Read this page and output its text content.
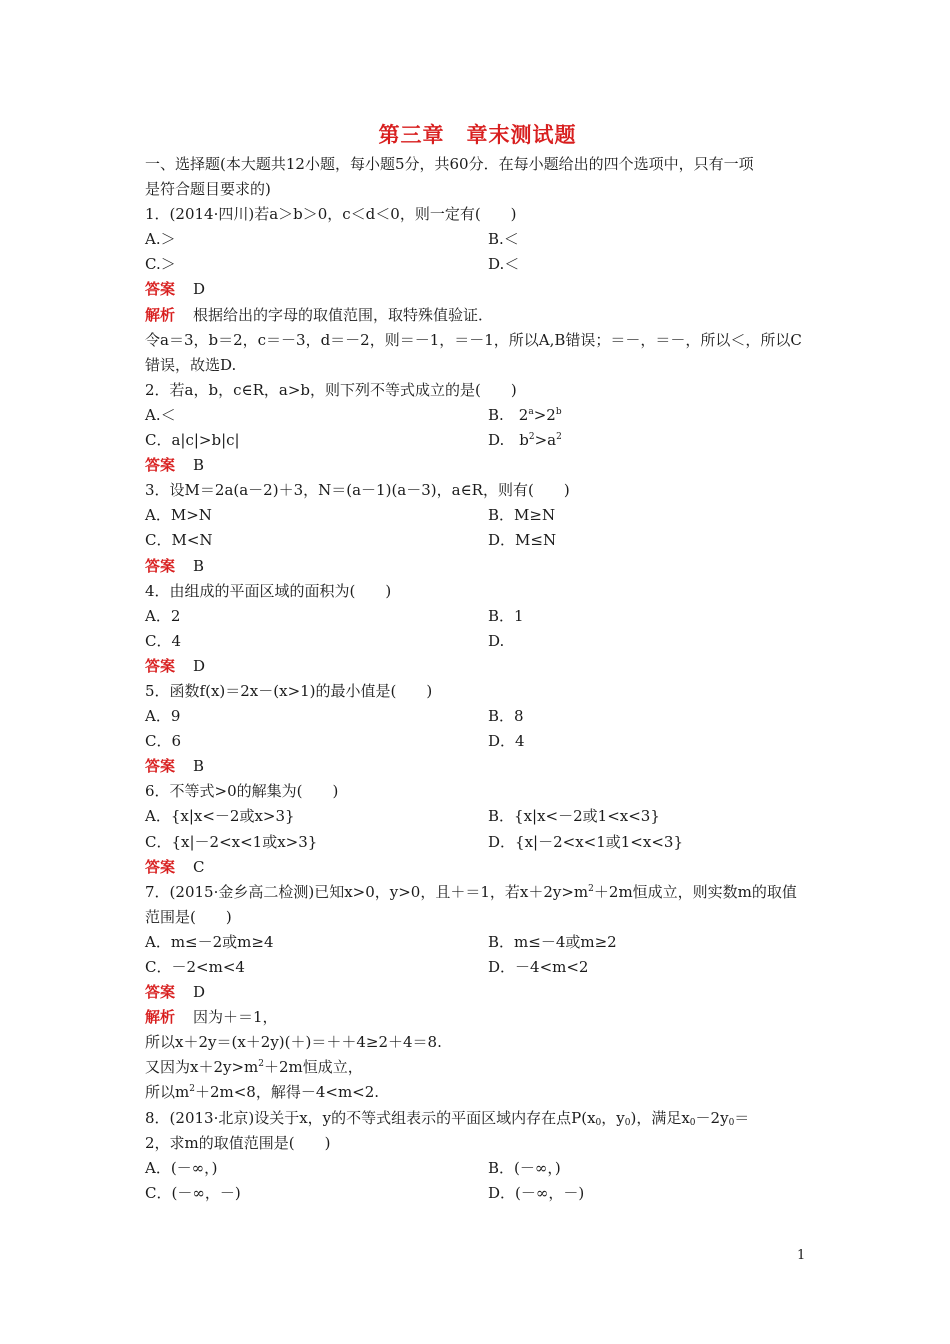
第三章　章末测试题
一、选择题(本大题共12小题，每小题5分，共60分．在每小题给出的四个选项中，只有一项
是符合题目要求的)
1．(2014·四川)若a＞b＞0，c＜d＜0，则一定有(　　)
A.＞	B.＜
C.＞	D.＜
答案 D
解析 根据给出的字母的取值范围，取特殊值验证．
令a＝3，b＝2，c＝－3，d＝－2，则＝－1，＝－1，所以A,B错误；＝－，＝－，所以＜，所以C
错误，故选D.
2．若a，b，c∈R，a>b，则下列不等式成立的是(　　)
A.＜	B.　$2^a>2^b$
C．a|c|>b|c|	D.　$b^2>a^2$
答案 B
3．设M＝2a(a－2)＋3，N＝(a－1)(a－3)，a∈R，则有(　　)
A．M>N	B．M≥N
C．M<N	D．M≤N
答案 B
4．由组成的平面区域的面积为(　　)
A．2	B．1
C．4	D.
答案 D
5．函数f(x)＝2x－(x>1)的最小值是(　　)
A．9	B．8
C．6	D．4
答案 B
6．不等式>0的解集为(　　)
A．{x|x<－2或x>3}	B．{x|x<－2或1<x<3}
C．{x|－2<x<1或x>3}	D．{x|－2<x<1或1<x<3}
答案 C
7．(2015·金乡高二检测)已知x>0，y>0，且＋＝1，若$x+2y>m^2+2m$恒成立，则实数m的取值
范围是(　　)
A．m≤－2或m≥4	B．m≤－4或m≥2
C．－2<m<4	D．－4<m<2
答案 D
解析 因为＋＝1，
所以x＋2y＝(x＋2y)(＋)＝＋＋4≥2＋4＝8.
又因为$x+2y>m^2+2m$恒成立，
所以$m^2+2m<8$，解得－4<m<2.
8．(2013·北京)设关于x，y的不等式组表示的平面区域内存在点$P(x_0$，$y_0$)，满足$x_0-2y_0=$
2，求m的取值范围是(　　)
A．(－∞，)	B．(－∞，)
C．(－∞，－)	D．(－∞，－)
1
